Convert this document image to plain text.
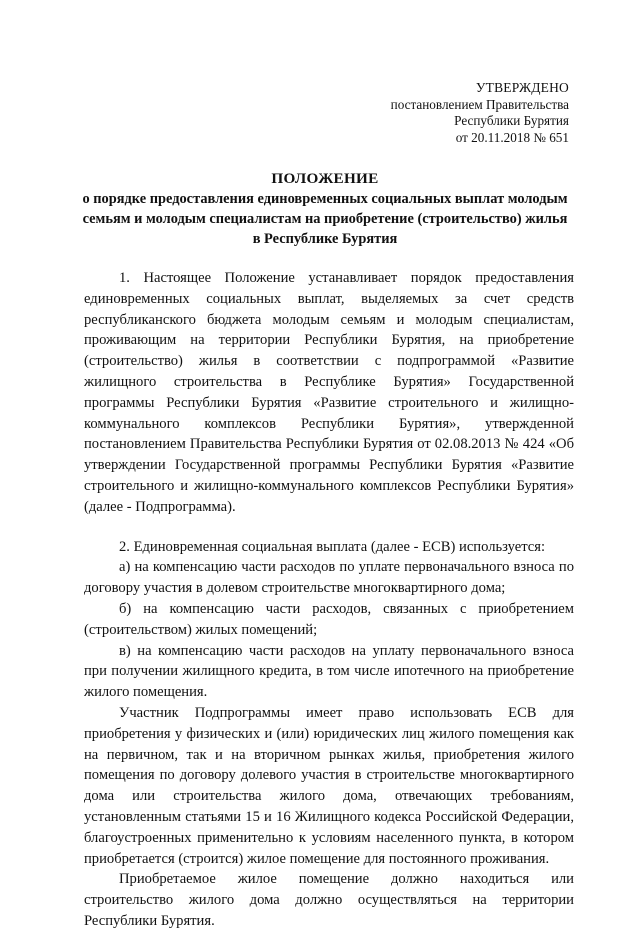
УТВЕРЖДЕНО
постановлением Правительства
Республики Бурятия
от 20.11.2018 № 651
ПОЛОЖЕНИЕ
о порядке предоставления единовременных социальных выплат молодым семьям и молодым специалистам на приобретение (строительство) жилья в Республике Бурятия

1. Настоящее Положение устанавливает порядок предоставления единовременных социальных выплат, выделяемых за счет средств республиканского бюджета молодым семьям и молодым специалистам, проживающим на территории Республики Бурятия, на приобретение (строительство) жилья в соответствии с подпрограммой «Развитие жилищного строительства в Республике Бурятия» Государственной программы Республики Бурятия «Развитие строительного и жилищно-коммунального комплексов Республики Бурятия», утвержденной постановлением Правительства Республики Бурятия от 02.08.2013 № 424 «Об утверждении Государственной программы Республики Бурятия «Развитие строительного и жилищно-коммунального комплексов Республики Бурятия» (далее - Подпрограмма).

2. Единовременная социальная выплата (далее - ЕСВ) используется:

а) на компенсацию части расходов по уплате первоначального взноса по договору участия в долевом строительстве многоквартирного дома;

б) на компенсацию части расходов, связанных с приобретением (строительством) жилых помещений;

в) на компенсацию части расходов на уплату первоначального взноса при получении жилищного кредита, в том числе ипотечного на приобретение жилого помещения.

Участник Подпрограммы имеет право использовать ЕСВ для приобретения у физических и (или) юридических лиц жилого помещения как на первичном, так и на вторичном рынках жилья, приобретения жилого помещения по договору долевого участия в строительстве многоквартирного дома или строительства жилого дома, отвечающих требованиям, установленным статьями 15 и 16 Жилищного кодекса Российской Федерации, благоустроенных применительно к условиям населенного пункта, в котором приобретается (строится) жилое помещение для постоянного проживания.

Приобретаемое жилое помещение должно находиться или строительство жилого дома должно осуществляться на территории Республики Бурятия.
